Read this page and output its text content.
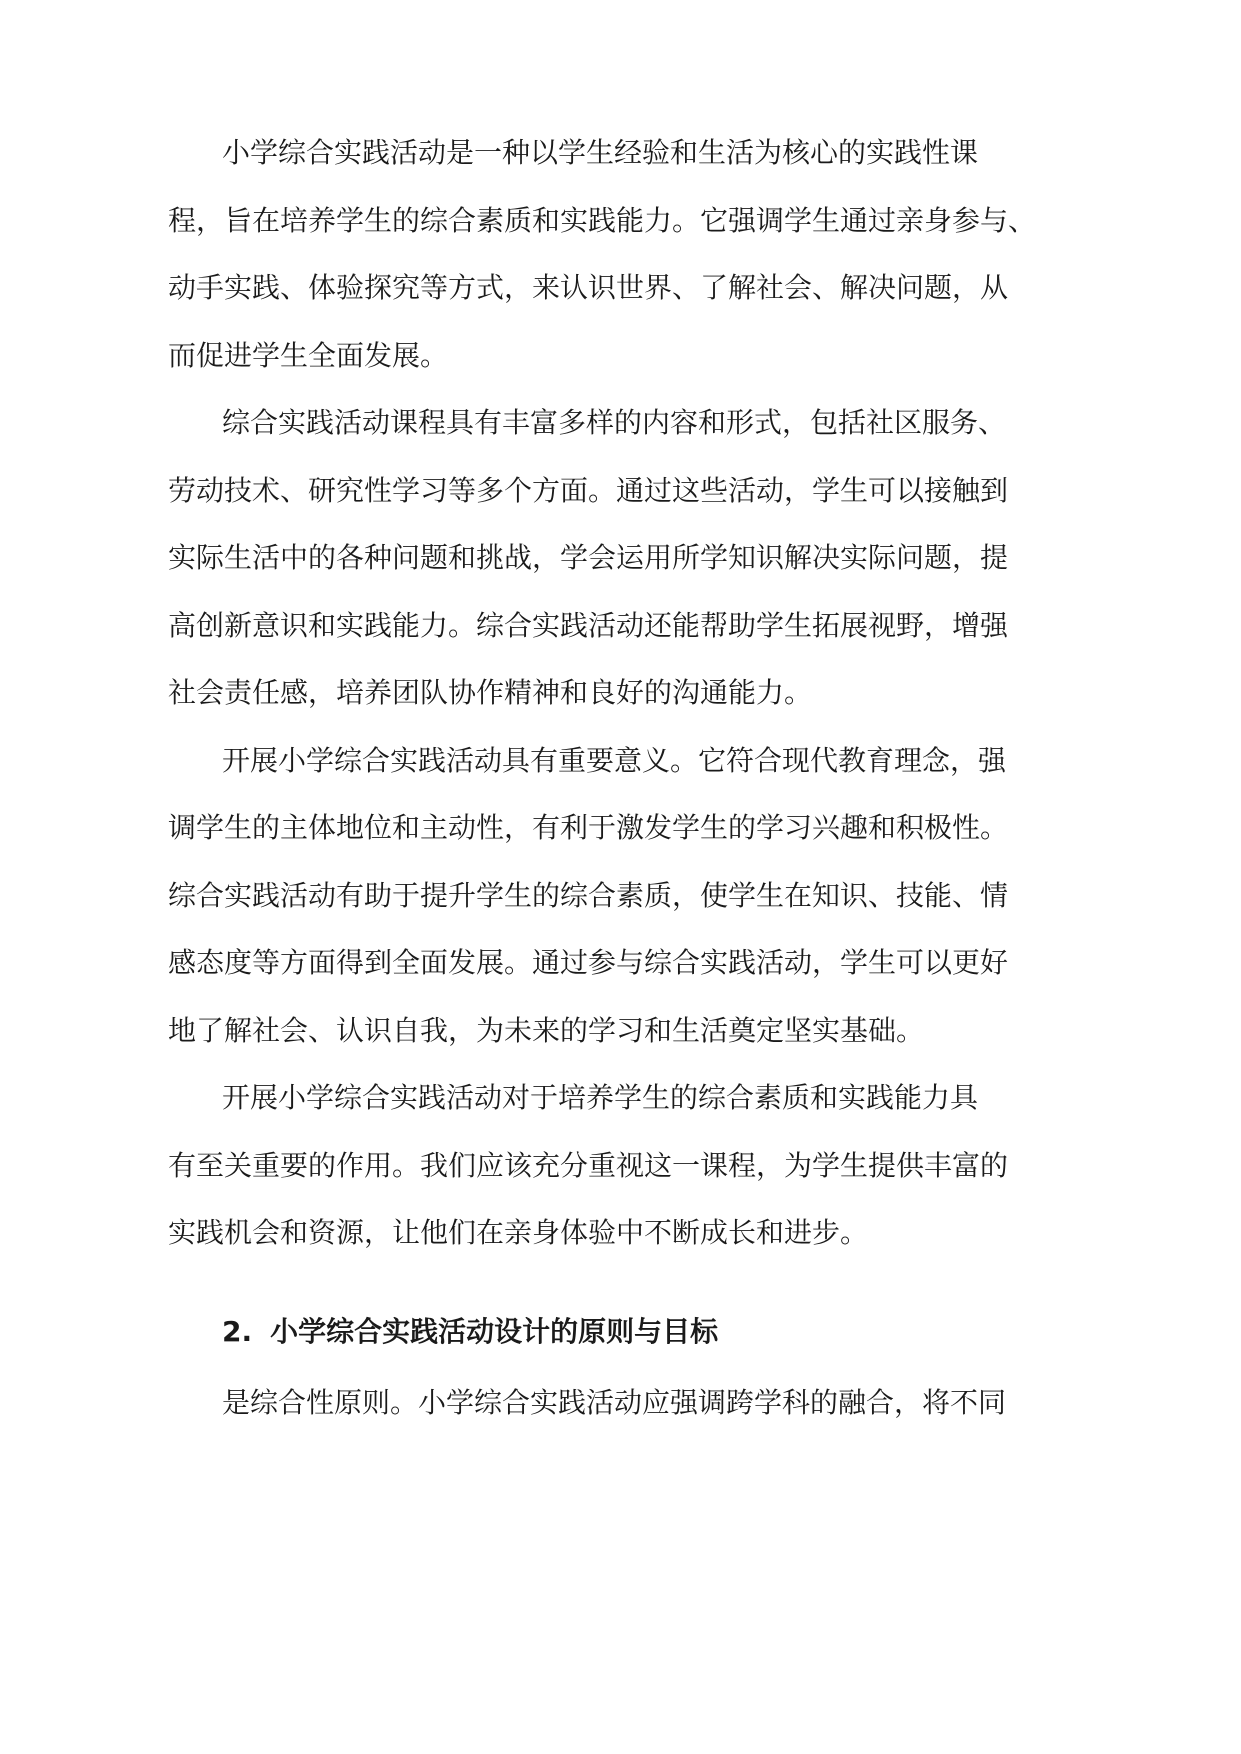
小学综合实践活动是一种以学生经验和生活为核心的实践性课
程，旨在培养学生的综合素质和实践能力。它强调学生通过亲身参与、
动手实践、体验探究等方式，来认识世界、了解社会、解决问题，从
而促进学生全面发展。
综合实践活动课程具有丰富多样的内容和形式，包括社区服务、
劳动技术、研究性学习等多个方面。通过这些活动，学生可以接触到
实际生活中的各种问题和挑战，学会运用所学知识解决实际问题，提
高创新意识和实践能力。综合实践活动还能帮助学生拓展视野，增强
社会责任感，培养团队协作精神和良好的沟通能力。
开展小学综合实践活动具有重要意义。它符合现代教育理念，强
调学生的主体地位和主动性，有利于激发学生的学习兴趣和积极性。
综合实践活动有助于提升学生的综合素质，使学生在知识、技能、情
感态度等方面得到全面发展。通过参与综合实践活动，学生可以更好
地了解社会、认识自我，为未来的学习和生活奠定坚实基础。
开展小学综合实践活动对于培养学生的综合素质和实践能力具
有至关重要的作用。我们应该充分重视这一课程，为学生提供丰富的
实践机会和资源，让他们在亲身体验中不断成长和进步。
2. 小学综合实践活动设计的原则与目标
是综合性原则。小学综合实践活动应强调跨学科的融合，将不同
